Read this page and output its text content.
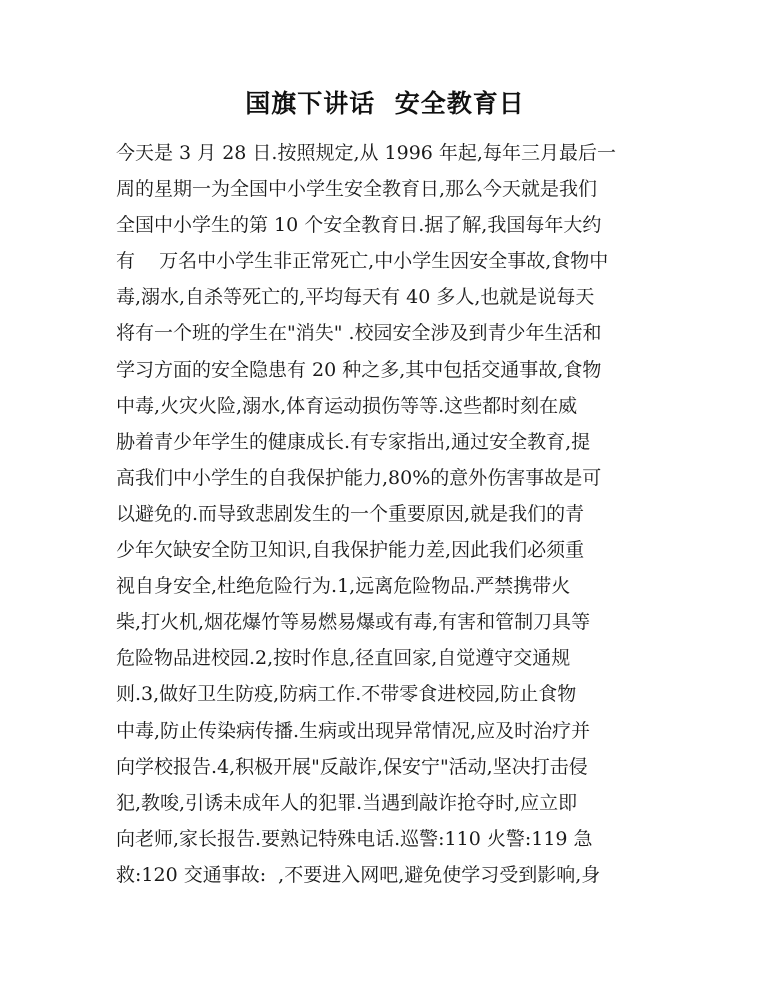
国旗下讲话  安全教育日
今天是 3 月 28 日.按照规定,从 1996 年起,每年三月最后一
周的星期一为全国中小学生安全教育日,那么今天就是我们
全国中小学生的第 10 个安全教育日.据了解,我国每年大约
有    万名中小学生非正常死亡,中小学生因安全事故,食物中
毒,溺水,自杀等死亡的,平均每天有 40 多人,也就是说每天
将有一个班的学生在"消失" .校园安全涉及到青少年生活和
学习方面的安全隐患有 20 种之多,其中包括交通事故,食物
中毒,火灾火险,溺水,体育运动损伤等等.这些都时刻在威
胁着青少年学生的健康成长.有专家指出,通过安全教育,提
高我们中小学生的自我保护能力,80%的意外伤害事故是可
以避免的.而导致悲剧发生的一个重要原因,就是我们的青
少年欠缺安全防卫知识,自我保护能力差,因此我们必须重
视自身安全,杜绝危险行为.1,远离危险物品.严禁携带火
柴,打火机,烟花爆竹等易燃易爆或有毒,有害和管制刀具等
危险物品进校园.2,按时作息,径直回家,自觉遵守交通规
则.3,做好卫生防疫,防病工作.不带零食进校园,防止食物
中毒,防止传染病传播.生病或出现异常情况,应及时治疗并
向学校报告.4,积极开展"反敲诈,保安宁"活动,坚决打击侵
犯,教唆,引诱未成年人的犯罪.当遇到敲诈抢夺时,应立即
向老师,家长报告.要熟记特殊电话.巡警:110 火警:119 急
救:120 交通事故:  ,不要进入网吧,避免使学习受到影响,身
